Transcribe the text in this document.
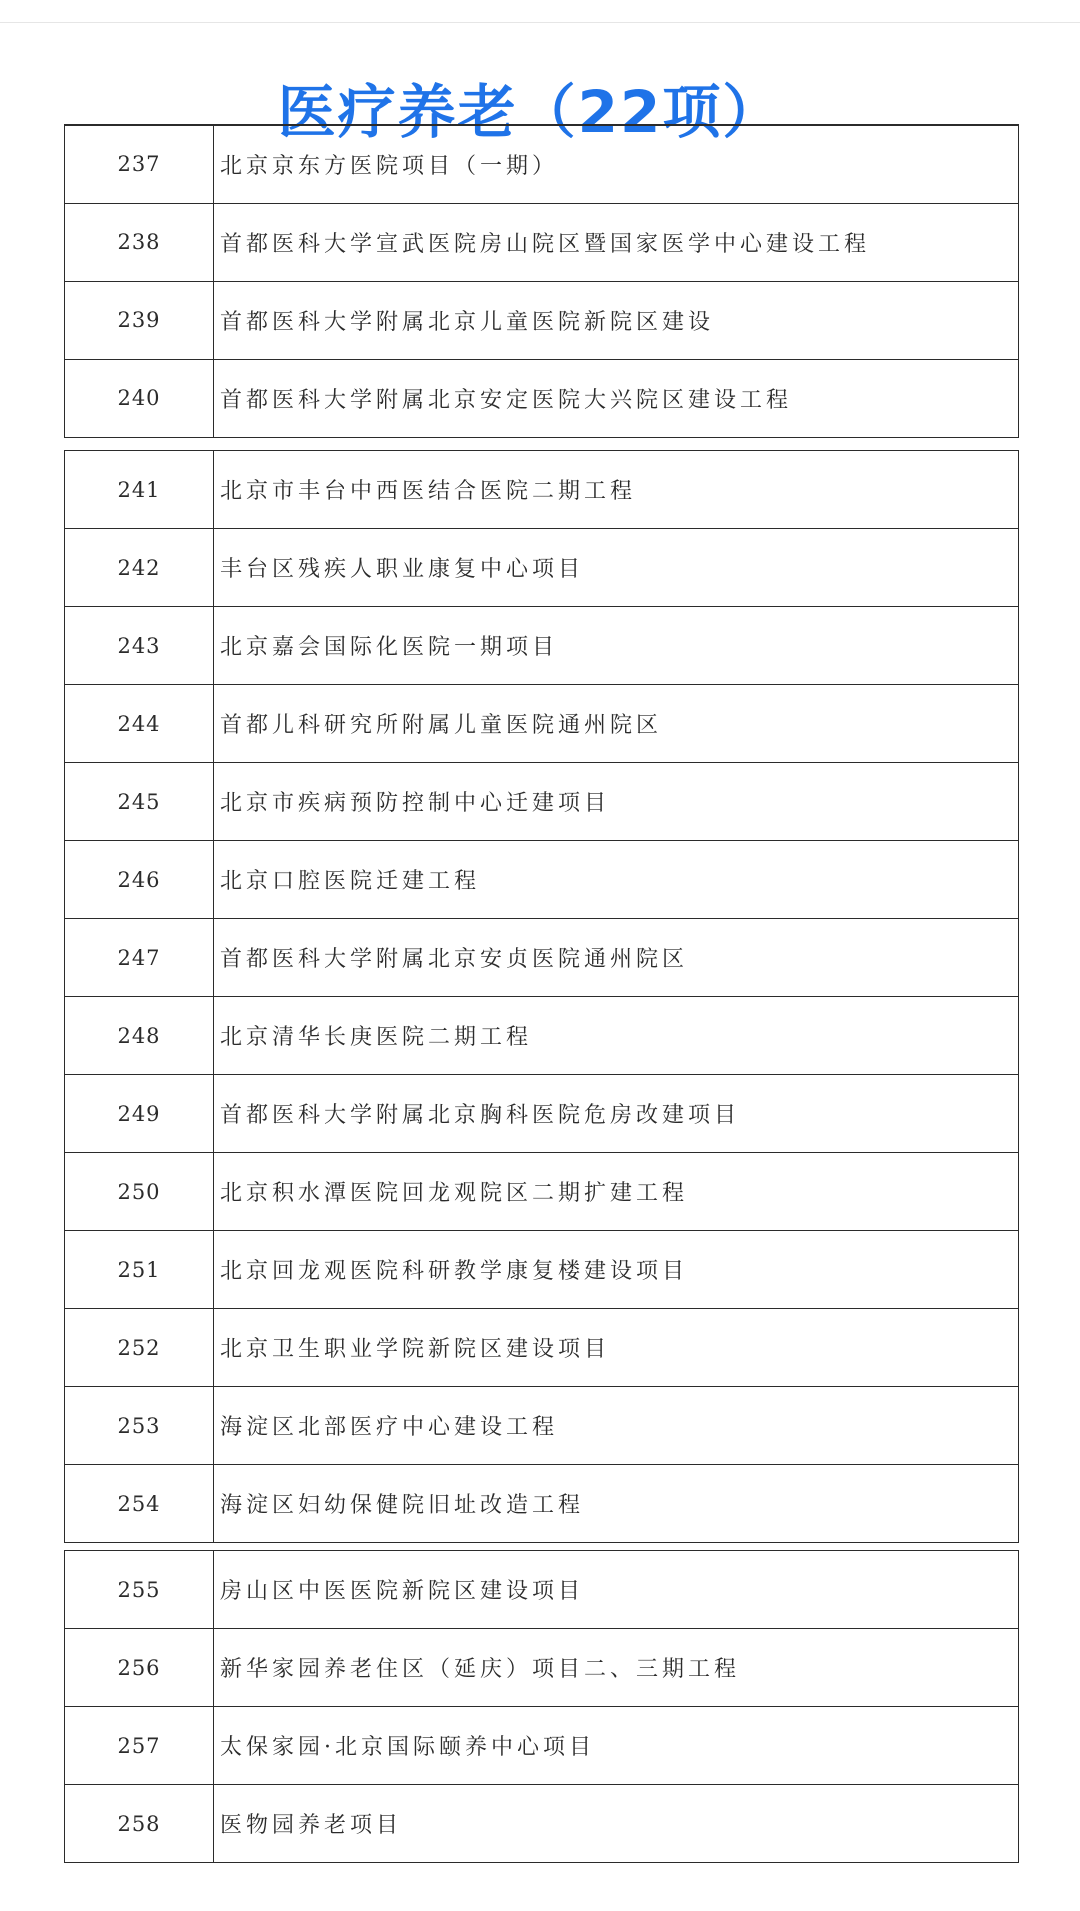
医疗养老（22项）
237	北京京东方医院项目（一期）
238	首都医科大学宣武医院房山院区暨国家医学中心建设工程
239	首都医科大学附属北京儿童医院新院区建设
240	首都医科大学附属北京安定医院大兴院区建设工程
241	北京市丰台中西医结合医院二期工程
242	丰台区残疾人职业康复中心项目
243	北京嘉会国际化医院一期项目
244	首都儿科研究所附属儿童医院通州院区
245	北京市疾病预防控制中心迁建项目
246	北京口腔医院迁建工程
247	首都医科大学附属北京安贞医院通州院区
248	北京清华长庚医院二期工程
249	首都医科大学附属北京胸科医院危房改建项目
250	北京积水潭医院回龙观院区二期扩建工程
251	北京回龙观医院科研教学康复楼建设项目
252	北京卫生职业学院新院区建设项目
253	海淀区北部医疗中心建设工程
254	海淀区妇幼保健院旧址改造工程
255	房山区中医医院新院区建设项目
256	新华家园养老住区（延庆）项目二、三期工程
257	太保家园·北京国际颐养中心项目
258	医物园养老项目
